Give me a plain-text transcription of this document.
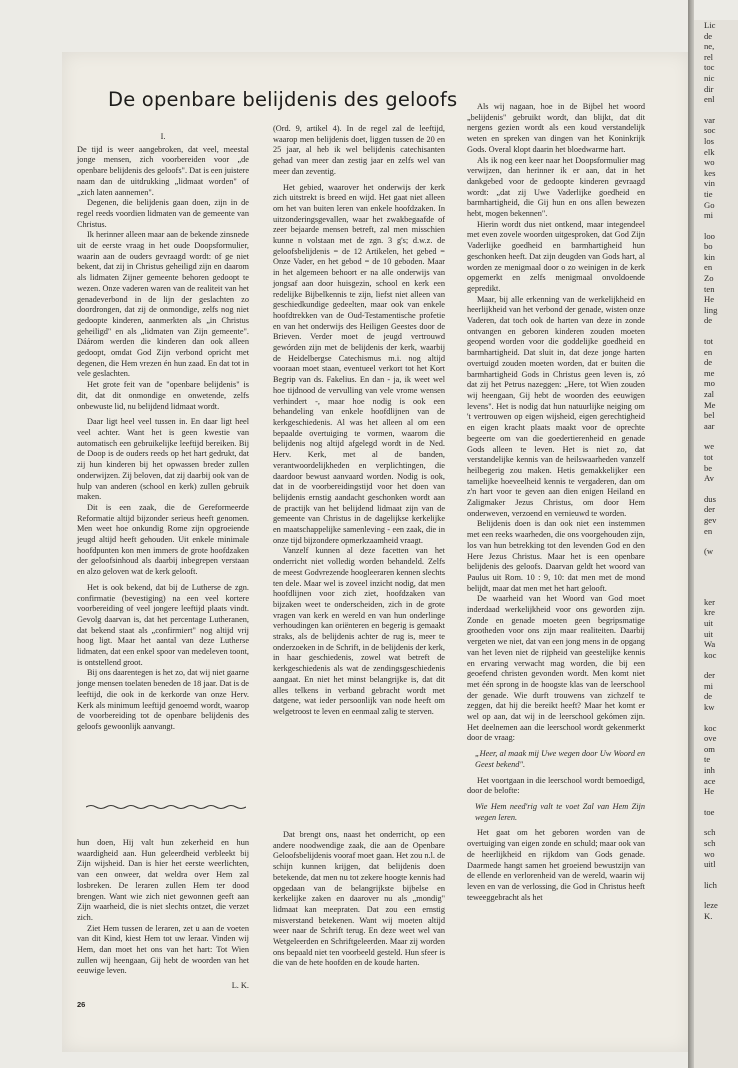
De openbare belijdenis des geloofs

I.

De tijd is weer aangebroken, dat veel, meestal jonge mensen, zich voorbereiden voor „de openbare belijdenis des geloofs". Dat is een juistere naam dan de uitdrukking „lidmaat worden" of „zich laten aannemen".

Degenen, die belijdenis gaan doen, zijn in de regel reeds voordien lidmaten van de gemeente van Christus.

Ik herinner alleen maar aan de bekende zinsnede uit de eerste vraag in het oude Doopsformulier, waarin aan de ouders gevraagd wordt: of ge niet bekent, dat zij in Christus geheiligd zijn en daarom als lidmaten Zijner gemeente behoren gedoopt te wezen. Onze vaderen waren van de realiteit van het genadeverbond in de lijn der geslachten zo doordrongen, dat zij de onmondige, zelfs nog niet gedoopte kinderen, aanmerkten als „in Christus geheiligd" en als „lidmaten van Zijn gemeente". Dáárom werden die kinderen dan ook alleen gedoopt, omdat God Zijn verbond opricht met degenen, die Hem vrezen én hun zaad. En dat tot in vele geslachten.

Het grote feit van de "openbare belijdenis" is dit, dat dit onmondige en onwetende, zelfs onbewuste lid, nu belijdend lidmaat wordt.

Daar ligt heel veel tussen in. En daar ligt heel veel achter. Want het is geen kwestie van automatisch een gebruikelijke leeftijd bereiken. Bij de Doop is de ouders reeds op het hart gedrukt, dat zij hun kinderen bij het opwassen breder zullen onderwijzen. Zij beloven, dat zij daarbij ook van de hulp van anderen (school en kerk) zullen gebruik maken.

Dit is een zaak, die de Gereformeerde Reformatie altijd bijzonder serieus heeft genomen. Men weet hoe onkundig Rome zijn opgroeiende jeugd altijd heeft gehouden. Uit enkele minimale hoofdpunten kon men immers de grote hoofdzaken der geloofsinhoud als daarbij inbegrepen verstaan en alzo geloven wat de kerk gelooft.

Het is ook bekend, dat bij de Lutherse de zgn. confirmatie (bevestiging) na een veel kortere voorbereiding of veel jongere leeftijd plaats vindt. Gevolg daarvan is, dat het percentage Lutheranen, dat bekend staat als „confirmiert" nog altijd vrij hoog ligt. Maar het aantal van deze Lutherse lidmaten, dat een enkel spoor van medeleven toont, is ontstellend groot.

Bij ons daarentegen is het zo, dat wij niet gaarne jonge mensen toelaten beneden de 18 jaar. Dat is de leeftijd, die ook in de kerkorde van onze Herv. Kerk als minimum leeftijd genoemd wordt, waarop de voorbereiding tot de openbare belijdenis des geloofs gewoonlijk aanvangt.

hun doen, Hij valt hun zekerheid en hun waardigheid aan. Hun geleerdheid verbleekt bij Zijn wijsheid. Dan is hier het eerste weerlichten, van een onweer, dat weldra over Hem zal losbreken. De leraren zullen Hem ter dood brengen. Want wie zich niet gewonnen geeft aan Zijn waarheid, die is niet slechts ontzet, die verzet zich.

Ziet Hem tussen de leraren, zet u aan de voeten van dit Kind, kiest Hem tot uw leraar. Vinden wij Hem, dan moet het ons van het hart: Tot Wien zullen wij heengaan, Gij hebt de woorden van het eeuwige leven.

L. K.

(Ord. 9, artikel 4). In de regel zal de leeftijd, waarop men belijdenis doet, liggen tussen de 20 en 25 jaar, al heb ik wel belijdenis catechisanten gehad van meer dan zestig jaar en zelfs wel van meer dan zeventig.

Het gebied, waarover het onderwijs der kerk zich uitstrekt is breed en wijd. Het gaat niet alleen om het van buiten leren van enkele hoofdzaken. In uitzonderingsgevallen, waar het zwakbegaafde of zeer bejaarde mensen betreft, zal men misschien kunne n volstaan met de zgn. 3 g's; d.w.z. de geloofsbelijdenis = de 12 Artikelen, het gebed = Onze Vader, en het gebod = de 10 geboden. Maar in het algemeen behoort er na alle onderwijs van jongsaf aan door huisgezin, school en kerk een redelijke Bijbelkennis te zijn, liefst niet alleen van geschiedkundige gedeelten, maar ook van enkele hoofdtrekken van de Oud-Testamentische profetie en van het onderwijs des Heiligen Geestes door de Brieven. Verder moet de jeugd vertrouwd gewórden zijn met de belijdenis der kerk, waarbij de Heidelbergse Catechismus m.i. nog altijd vooraan moet staan, eventueel verkort tot het Kort Begrip van ds. Fakelius. En dan - ja, ik weet wel hoe tijdnood de vervulling van vele vrome wensen verhindert -, maar hoe nodig is ook een behandeling van enkele hoofdlijnen van de kerkgeschiedenis. Al was het alleen al om een bepaalde overtuiging te vormen, waarom die belijdenis nog altijd afgelegd wordt in de Ned. Herv. Kerk, met al de banden, verantwoordelijkheden en verplichtingen, die daardoor bewust aanvaard worden. Nodig is ook, dat in de voorbereidingstijd voor het doen van belijdenis ernstig aandacht geschonken wordt aan de practijk van het belijdend lidmaat zijn van de gemeente van Christus in de dagelijkse kerkelijke en maatschappelijke samenleving - een zaak, die in onze tijd bijzondere opmerkzaamheid vraagt.

Vanzelf kunnen al deze facetten van het onderricht niet volledig worden behandeld. Zelfs de meest Godvrezende hoogleeraren kennen slechts ten dele. Maar wel is zoveel inzicht nodig, dat men hoofdlijnen voor zich ziet, hoofdzaken van bijzaken weet te onderscheiden, zich in de grote vragen van kerk en wereld en van hun onderlinge verhoudingen kan oriënteren en begerig is gemaakt straks, als de belijdenis achter de rug is, meer te onderzoeken in de Schrift, in de belijdenis der kerk, in haar geschiedenis, zowel wat betreft de kerkgeschiedenis als wat de zendingsgeschiedenis aangaat. En niet het minst belangrijke is, dat dit alles telkens in verband gebracht wordt met datgene, wat ieder persoonlijk van node heeft om welgetroost te leven en eenmaal zalig te sterven.

Dat brengt ons, naast het onderricht, op een andere noodwendige zaak, die aan de Openbare Geloofsbelijdenis vooraf moet gaan. Het zou n.l. de schijn kunnen krijgen, dat belijdenis doen betekende, dat men nu tot zekere hoogte kennis had opgedaan van de belangrijkste bijbelse en kerkelijke zaken en daarover nu als „mondig" lidmaat kan meepraten. Dat zou een ernstig misverstand betekenen. Want wij moeten altijd weer naar de Schrift terug. En deze weet wel van Wetgeleerden en Schriftgeleerden. Maar zij worden ons bepaald niet ten voorbeeld gesteld. Hun sfeer is die van de hete hoofden en de koude harten.

Als wij nagaan, hoe in de Bijbel het woord „belijdenis" gebruikt wordt, dan blijkt, dat dit nergens gezien wordt als een koud verstandelijk weten en spreken van dingen van het Koninkrijk Gods. Overal klopt daarin het bloedwarme hart.

Als ik nog een keer naar het Doopsformulier mag verwijzen, dan herinner ik er aan, dat in het dankgebed voor de gedoopte kinderen gevraagd wordt: „dat zij Uwe Vaderlijke goedheid en barmhartigheid, die Gij hun en ons allen bewezen hebt, mogen bekennen".

Hierin wordt dus niet ontkend, maar integendeel met even zovele woorden uitgesproken, dat God Zijn Vaderlijke goedheid en barmhartigheid hun geschonken heeft. Dat zijn deugden van Gods hart, al worden ze menigmaal door o zo weinigen in de kerk opgemerkt en zelfs menigmaal onvoldoende gepredikt.

Maar, bij alle erkenning van de werkelijkheid en heerlijkheid van het verbond der genade, wisten onze Vaderen, dat toch ook de harten van deze in zonde ontvangen en geboren kinderen zouden moeten geopend worden voor die goddelijke goedheid en barmhartigheid. Dat sluit in, dat deze jonge harten overtuigd zouden moeten worden, dat er buiten die barmhartigheid Gods in Christus geen leven is, zó dat zij het Petrus nazeggen: „Here, tot Wien zouden wij heengaan, Gij hebt de woorden des eeuwigen levens". Het is nodig dat hun natuurlijke neiging om 't vertrouwen op eigen wijsheid, eigen gerechtigheid en eigen kracht plaats maakt voor de oprechte begeerte om van die goedertierenheid en genade Gods alleen te leven. Het is niet zo, dat verstandelijke kennis van de heilswaarheden vanzelf heilbegerig zou maken. Hetis gemakkelijker een tamelijke hoeveelheid kennis te vergaderen, dan om z'n hart voor te geven aan dien enigen Heiland en Zaligmaker Jezus Christus, om door Hem onderweven, verzoend en vernieuwd te worden.

Belijdenis doen is dan ook niet een instemmen met een reeks waarheden, die ons voorgehouden zijn, los van hun betrekking tot den levenden God en den Here Jezus Christus. Maar het is een openbare belijdenis des geloofs. Daarvan geldt het woord van Paulus uit Rom. 10 : 9, 10: dat men met de mond belijdt, maar dat men met het hart gelooft.

De waarheid van het Woord van God moet inderdaad werkelijkheid voor ons geworden zijn. Zonde en genade moeten geen begripsmatige grootheden voor ons zijn maar realiteiten. Daarbij vergeten we niet, dat van een jong mens in de opgang van het leven niet de rijpheid van geestelijke kennis en ervaring verwacht mag worden, die bij een geoefend christen gevonden wordt. Men komt niet met één sprong in de hoogste klas van de leerschool der genade. Wie durft trouwens van zichzelf te zeggen, dat hij die bereikt heeft? Maar het komt er wel op aan, dat wij in de leerschool gekómen zijn. Het deelnemen aan die leerschool wordt gekenmerkt door de vraag:

„Heer, al maak mij Uwe wegen door Uw Woord en Geest bekend".

Het voortgaan in die leerschool wordt bemoedigd, door de belofte:

Wie Hem need'rig valt te voet Zal van Hem Zijn wegen leren.

Het gaat om het geboren worden van de overtuiging van eigen zonde en schuld; maar ook van de heerlijkheid en rijkdom van Gods genade. Daarmede hangt samen het groeiend bewustzijn van de ellende en verlorenheid van de wereld, waarin wij leven en van de verlossing, die God in Christus heeft teweeggebracht als het

26
Lic
de
ne,
rel
toc
nic
dir
enl
var
soc
los
elk
wo
kes
vin
tie
Go
mi
loo
bo
kin
en
Zo
ten
He
ling
de
tot
en
de
me
mo
zal
Me
bel
aar
we
tot
be
Av
dus
der
gev
en
(w
ker
kre
uit
uit
Wa
koc
der
mi
de
kw
koc
ove
om
te
inh
ace
He
toe
sch
sch
wo
uitl
lich
leze
K.
